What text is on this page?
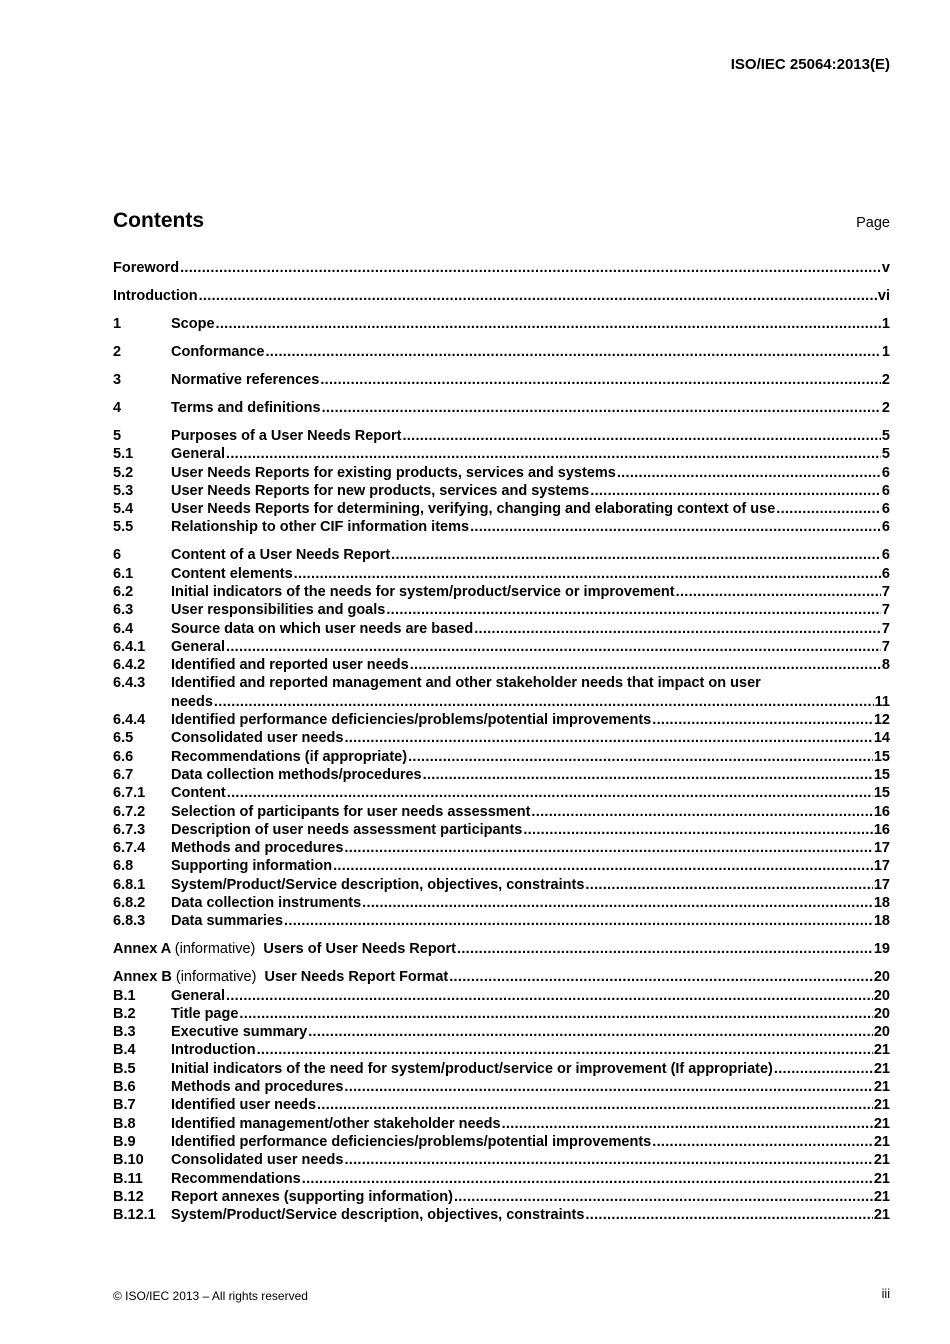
ISO/IEC 25064:2013(E)
Contents	Page
Foreword .....	v
Introduction .....	vi
1	Scope .....	1
2	Conformance .....	1
3	Normative references .....	2
4	Terms and definitions .....	2
5	Purposes of a User Needs Report .....	5
5.1	General .....	5
5.2	User Needs Reports for existing products, services and systems .....	6
5.3	User Needs Reports for new products, services and systems .....	6
5.4	User Needs Reports for determining, verifying, changing and elaborating context of use .....	6
5.5	Relationship to other CIF information items .....	6
6	Content of a User Needs Report .....	6
6.1	Content elements .....	6
6.2	Initial indicators of the needs for system/product/service or improvement .....	7
6.3	User responsibilities and goals .....	7
6.4	Source data on which user needs are based .....	7
6.4.1	General .....	7
6.4.2	Identified and reported user needs .....	8
6.4.3	Identified and reported management and other stakeholder needs that impact on user
needs .....	11
6.4.4	Identified performance deficiencies/problems/potential improvements .....	12
6.5	Consolidated user needs .....	14
6.6	Recommendations (if appropriate) .....	15
6.7	Data collection methods/procedures .....	15
6.7.1	Content .....	15
6.7.2	Selection of participants for user needs assessment .....	16
6.7.3	Description of user needs assessment participants .....	16
6.7.4	Methods and procedures .....	17
6.8	Supporting information .....	17
6.8.1	System/Product/Service description, objectives, constraints .....	17
6.8.2	Data collection instruments .....	18
6.8.3	Data summaries .....	18
Annex A (informative) Users of User Needs Report .....	19
Annex B (informative) User Needs Report Format .....	20
B.1	General .....	20
B.2	Title page .....	20
B.3	Executive summary .....	20
B.4	Introduction .....	21
B.5	Initial indicators of the need for system/product/service or improvement (If appropriate) .....	21
B.6	Methods and procedures .....	21
B.7	Identified user needs .....	21
B.8	Identified management/other stakeholder needs .....	21
B.9	Identified performance deficiencies/problems/potential improvements .....	21
B.10	Consolidated user needs .....	21
B.11	Recommendations .....	21
B.12	Report annexes (supporting information) .....	21
B.12.1	System/Product/Service description, objectives, constraints .....	21
© ISO/IEC 2013 – All rights reserved	iii
